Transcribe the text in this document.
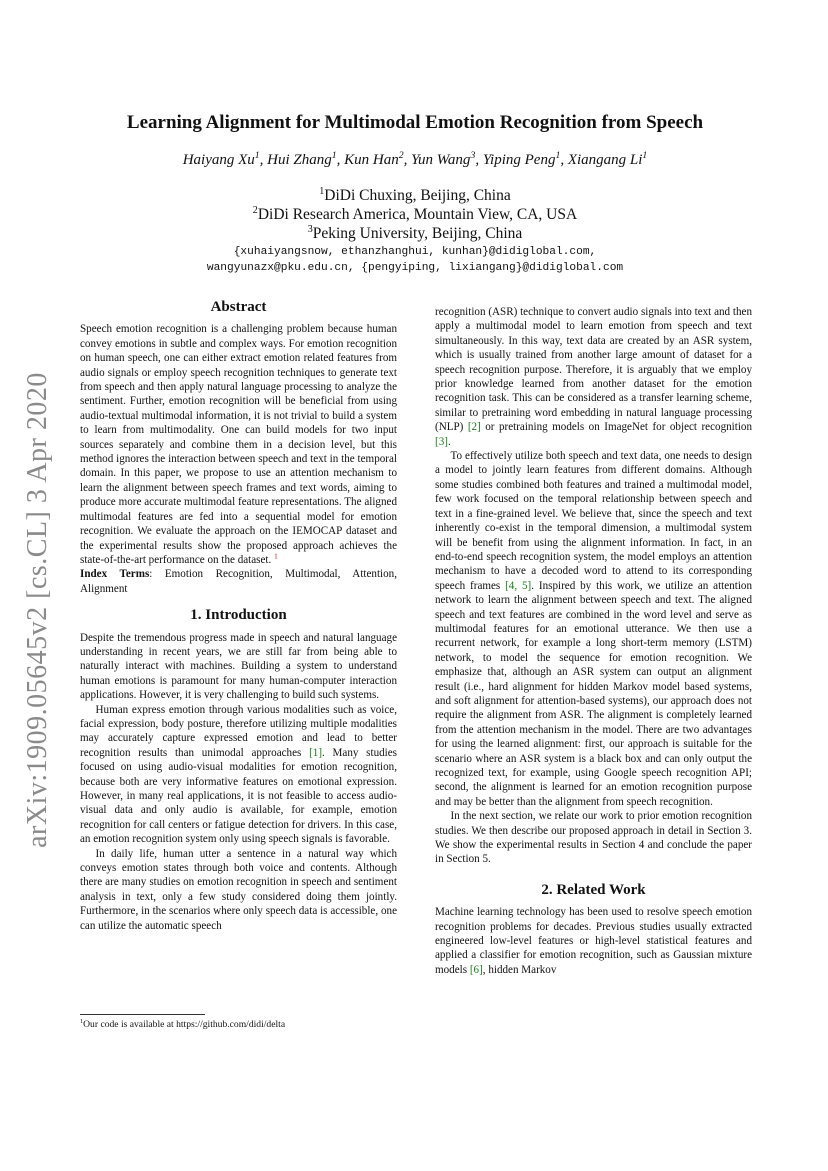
arXiv:1909.05645v2 [cs.CL] 3 Apr 2020
Learning Alignment for Multimodal Emotion Recognition from Speech
Haiyang Xu$^1$, Hui Zhang$^1$, Kun Han$^2$, Yun Wang$^3$, Yiping Peng$^1$, Xiangang Li$^1$
$^1$DiDi Chuxing, Beijing, China
$^2$DiDi Research America, Mountain View, CA, USA
$^3$Peking University, Beijing, China
{xuhaiyangsnow, ethanzhanghui, kunhan}@didiglobal.com,
wangyunazx@pku.edu.cn, {pengyiping, lixiangang}@didiglobal.com
Abstract

Speech emotion recognition is a challenging problem because human convey emotions in subtle and complex ways. For emotion recognition on human speech, one can either extract emotion related features from audio signals or employ speech recognition techniques to generate text from speech and then apply natural language processing to analyze the sentiment. Further, emotion recognition will be beneficial from using audio-textual multimodal information, it is not trivial to build a system to learn from multimodality. One can build models for two input sources separately and combine them in a decision level, but this method ignores the interaction between speech and text in the temporal domain. In this paper, we propose to use an attention mechanism to learn the alignment between speech frames and text words, aiming to produce more accurate multimodal feature representations. The aligned multimodal features are fed into a sequential model for emotion recognition. We evaluate the approach on the IEMOCAP dataset and the experimental results show the proposed approach achieves the state-of-the-art performance on the dataset. $^1$

Index Terms: Emotion Recognition, Multimodal, Attention, Alignment

1. Introduction

Despite the tremendous progress made in speech and natural language understanding in recent years, we are still far from being able to naturally interact with machines. Building a system to understand human emotions is paramount for many human-computer interaction applications. However, it is very challenging to build such systems.

Human express emotion through various modalities such as voice, facial expression, body posture, therefore utilizing multiple modalities may accurately capture expressed emotion and lead to better recognition results than unimodal approaches [1]. Many studies focused on using audio-visual modalities for emotion recognition, because both are very informative features on emotional expression. However, in many real applications, it is not feasible to access audio-visual data and only audio is available, for example, emotion recognition for call centers or fatigue detection for drivers. In this case, an emotion recognition system only using speech signals is favorable.

In daily life, human utter a sentence in a natural way which conveys emotion states through both voice and contents. Although there are many studies on emotion recognition in speech and sentiment analysis in text, only a few study considered doing them jointly. Furthermore, in the scenarios where only speech data is accessible, one can utilize the automatic speech

recognition (ASR) technique to convert audio signals into text and then apply a multimodal model to learn emotion from speech and text simultaneously. In this way, text data are created by an ASR system, which is usually trained from another large amount of dataset for a speech recognition purpose. Therefore, it is arguably that we employ prior knowledge learned from another dataset for the emotion recognition task. This can be considered as a transfer learning scheme, similar to pretraining word embedding in natural language processing (NLP) [2] or pretraining models on ImageNet for object recognition [3].

To effectively utilize both speech and text data, one needs to design a model to jointly learn features from different domains. Although some studies combined both features and trained a multimodal model, few work focused on the temporal relationship between speech and text in a fine-grained level. We believe that, since the speech and text inherently co-exist in the temporal dimension, a multimodal system will be benefit from using the alignment information. In fact, in an end-to-end speech recognition system, the model employs an attention mechanism to have a decoded word to attend to its corresponding speech frames [4, 5]. Inspired by this work, we utilize an attention network to learn the alignment between speech and text. The aligned speech and text features are combined in the word level and serve as multimodal features for an emotional utterance. We then use a recurrent network, for example a long short-term memory (LSTM) network, to model the sequence for emotion recognition. We emphasize that, although an ASR system can output an alignment result (i.e., hard alignment for hidden Markov model based systems, and soft alignment for attention-based systems), our approach does not require the alignment from ASR. The alignment is completely learned from the attention mechanism in the model. There are two advantages for using the learned alignment: first, our approach is suitable for the scenario where an ASR system is a black box and can only output the recognized text, for example, using Google speech recognition API; second, the alignment is learned for an emotion recognition purpose and may be better than the alignment from speech recognition.

In the next section, we relate our work to prior emotion recognition studies. We then describe our proposed approach in detail in Section 3. We show the experimental results in Section 4 and conclude the paper in Section 5.

2. Related Work

Machine learning technology has been used to resolve speech emotion recognition problems for decades. Previous studies usually extracted engineered low-level features or high-level statistical features and applied a classifier for emotion recognition, such as Gaussian mixture models [6], hidden Markov

$^1$Our code is available at https://github.com/didi/delta
